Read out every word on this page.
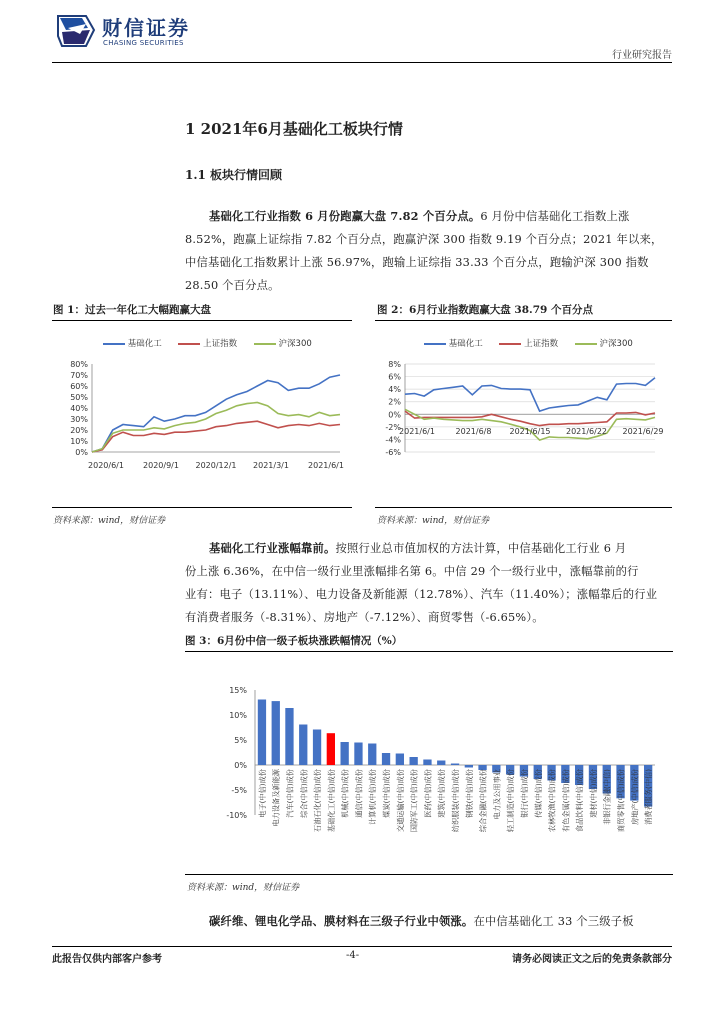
财信证券
CHASING SECURITIES
行业研究报告
1 2021年6月基础化工板块行情
1.1 板块行情回顾
基础化工行业指数 6 月份跑赢大盘 7.82 个百分点。6 月份中信基础化工指数上涨
8.52%，跑赢上证综指 7.82 个百分点，跑赢沪深 300 指数 9.19 个百分点；2021 年以来，
中信基础化工指数累计上涨 56.97%，跑输上证综指 33.33 个百分点，跑输沪深 300 指数
28.50 个百分点。
图 1：过去一年化工大幅跑赢大盘
基础化工	上证指数	沪深300
80%
70%
60%
50%
40%
30%
20%
10%
0%
2020/6/1 2020/9/1 2020/12/1 2021/3/1 2021/6/1
资料来源：wind，财信证券
图 2：6月行业指数跑赢大盘 38.79 个百分点
基础化工	上证指数	沪深300
8%
6%
4%
2%
0%
-2%
-4%
-6%
2021/6/1	2021/6/8 2021/6/15 2021/6/22 2021/6/29
资料来源：wind，财信证券
基础化工行业涨幅靠前。按照行业总市值加权的方法计算，中信基础化工行业 6 月
份上涨 6.36%，在中信一级行业里涨幅排名第 6。中信 29 个一级行业中，涨幅靠前的行
业有：电子（13.11%）、电力设备及新能源（12.78%）、汽车（11.40%）；涨幅靠后的行业
有消费者服务（-8.31%）、房地产（-7.12%）、商贸零售（-6.65%）。
图 3：6月份中信一级子板块涨跌幅情况（%）
15%
10%
5%
0%
-5%
-10% 电子(中信)成份 电力设备及新能源 汽车(中信)成份 综合(中信)成份 石油石化(中信)成份 基础化工(中信)成份 机械(中信)成份 通信(中信)成份 计算机(中信)成份 煤炭(中信)成份 交通运输(中信)成份 国防军工(中信)成份 医药(中信)成份 建筑(中信)成份 纺织服装(中信)成份 钢铁(中信)成份 综合金融(中信)成份 电力及公用事业 轻工制造(中信)成份 银行(中信)成份 传媒(中信)成份 农林牧渔(中信)成份 有色金属(中信)成份 食品饮料(中信)成份 建材(中信)成份 非银行金融(中信) 商贸零售(中信)成份 房地产(中信)成份 消费者服务(中信)
资料来源：wind，财信证券
碳纤维、锂电化学品、膜材料在三级子行业中领涨。在中信基础化工 33 个三级子板
此报告仅供内部客户参考	-4-	请务必阅读正文之后的免责条款部分
